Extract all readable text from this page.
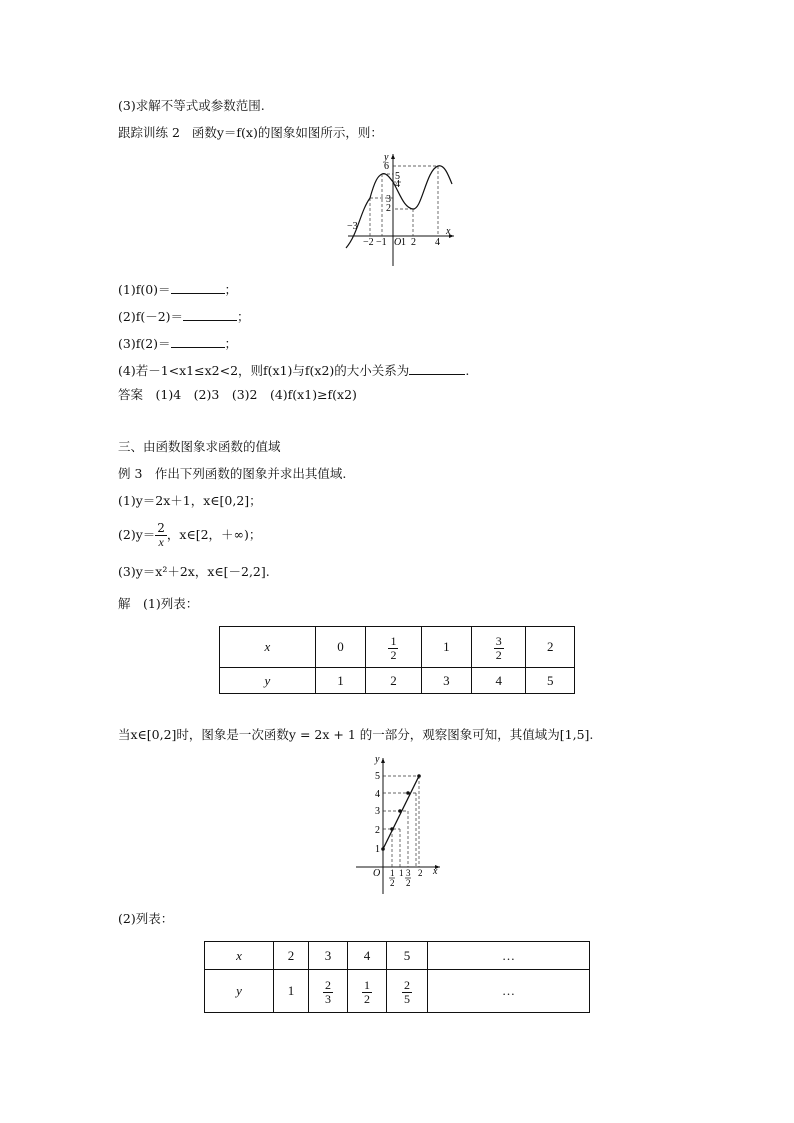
(3)求解不等式或参数范围.
跟踪训练 2 函数y＝f(x)的图象如图所示，则：
y
x
O
6
5
4
3
2
−2 −1 1 2 4
−3
(1)f(0)＝	；
(2)f(－2)＝	；
(3)f(2)＝	；
(4)若－1<x1≤x2<2，则f(x1)与f(x2)的大小关系为	.
答案　(1)4　(2)3　(3)2　(4)f(x1)≥f(x2)
三、由函数图象求函数的值域
例 3　作出下列函数的图象并求出其值域.
(1)y＝2x＋1，x∈[0,2]；
$(2)y= \frac{2}{x}$ ，x∈[2，＋∞)；
(3)y＝x²＋2x，x∈[－2,2].
解　(1)列表：
x	0	$\frac{1}{2}$	1	$\frac{3}{2}$	2
y	1	2	3	4	5
当x∈[0,2]时，图象是一次函数y = 2x + 1 的一部分，观察图象可知，其值域为[1,5].
y
x
O
5
4
3
2
1
1
2
1 3
2
2
(2)列表：
x	2	3	4	5	…
y	1	$\frac{2}{3}$	$\frac{1}{2}$	$\frac{2}{5}$	…
